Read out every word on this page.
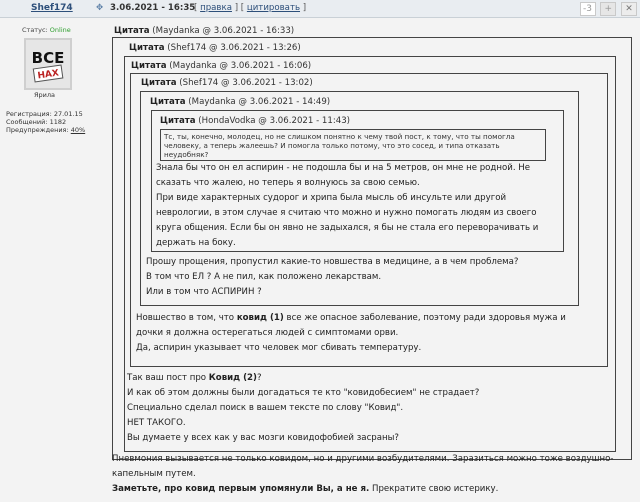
Shef174	✥ 3.06.2021 - 16:35
[ правка ] [ цитировать ]	-3 + ✕
Статус: Online
ВСЕ
НАХ
Ярила
Регистрация: 27.01.15
Сообщений: 1182
Предупреждения: 40%
Цитата (Maydanka @ 3.06.2021 - 16:33)
Цитата (Shef174 @ 3.06.2021 - 13:26)
Цитата (Maydanka @ 3.06.2021 - 16:06)
Цитата (Shef174 @ 3.06.2021 - 13:02)
Цитата (Maydanka @ 3.06.2021 - 14:49)
Цитата (HondaVodka @ 3.06.2021 - 11:43)
Тс, ты, конечно, молодец, но не слишком понятно к чему твой пост, к тому, что ты помогла человеку, а теперь жалеешь? И помогла только потому, что это сосед, и типа отказать неудобняк?
Знала бы что он ел аспирин - не подошла бы и на 5 метров, он мне не родной. Не
сказать что жалею, но теперь я волнуюсь за свою семью.
При виде характерных судорог и хрипа была мысль об инсульте или другой
неврологии, в этом случае я считаю что можно и нужно помогать людям из своего
круга общения. Если бы он явно не задыхался, я бы не стала его переворачивать и
держать на боку.
Прошу прощения, пропустил какие-то новшества в медицине, а в чем проблема?
В том что ЕЛ ? А не пил, как положено лекарствам.
Или в том что АСПИРИН ?
Новшество в том, что ковид (1) все же опасное заболевание, поэтому ради здоровья мужа и
дочки я должна остерегаться людей с симптомами орви.
Да, аспирин указывает что человек мог сбивать температуру.
Так ваш пост про Ковид (2)?
И как об этом должны были догадаться те кто "ковидобесием" не страдает?
Специально сделал поиск в вашем тексте по слову "Ковид".
НЕТ ТАКОГО.
Вы думаете у всех как у вас мозги ковидофобией засраны?
Пневмония вызывается не только ковидом, но и другими возбудителями. Заразиться можно тоже воздушно-
капельным путем.
Заметьте, про ковид первым упомянули Вы, а не я. Прекратите свою истерику.
